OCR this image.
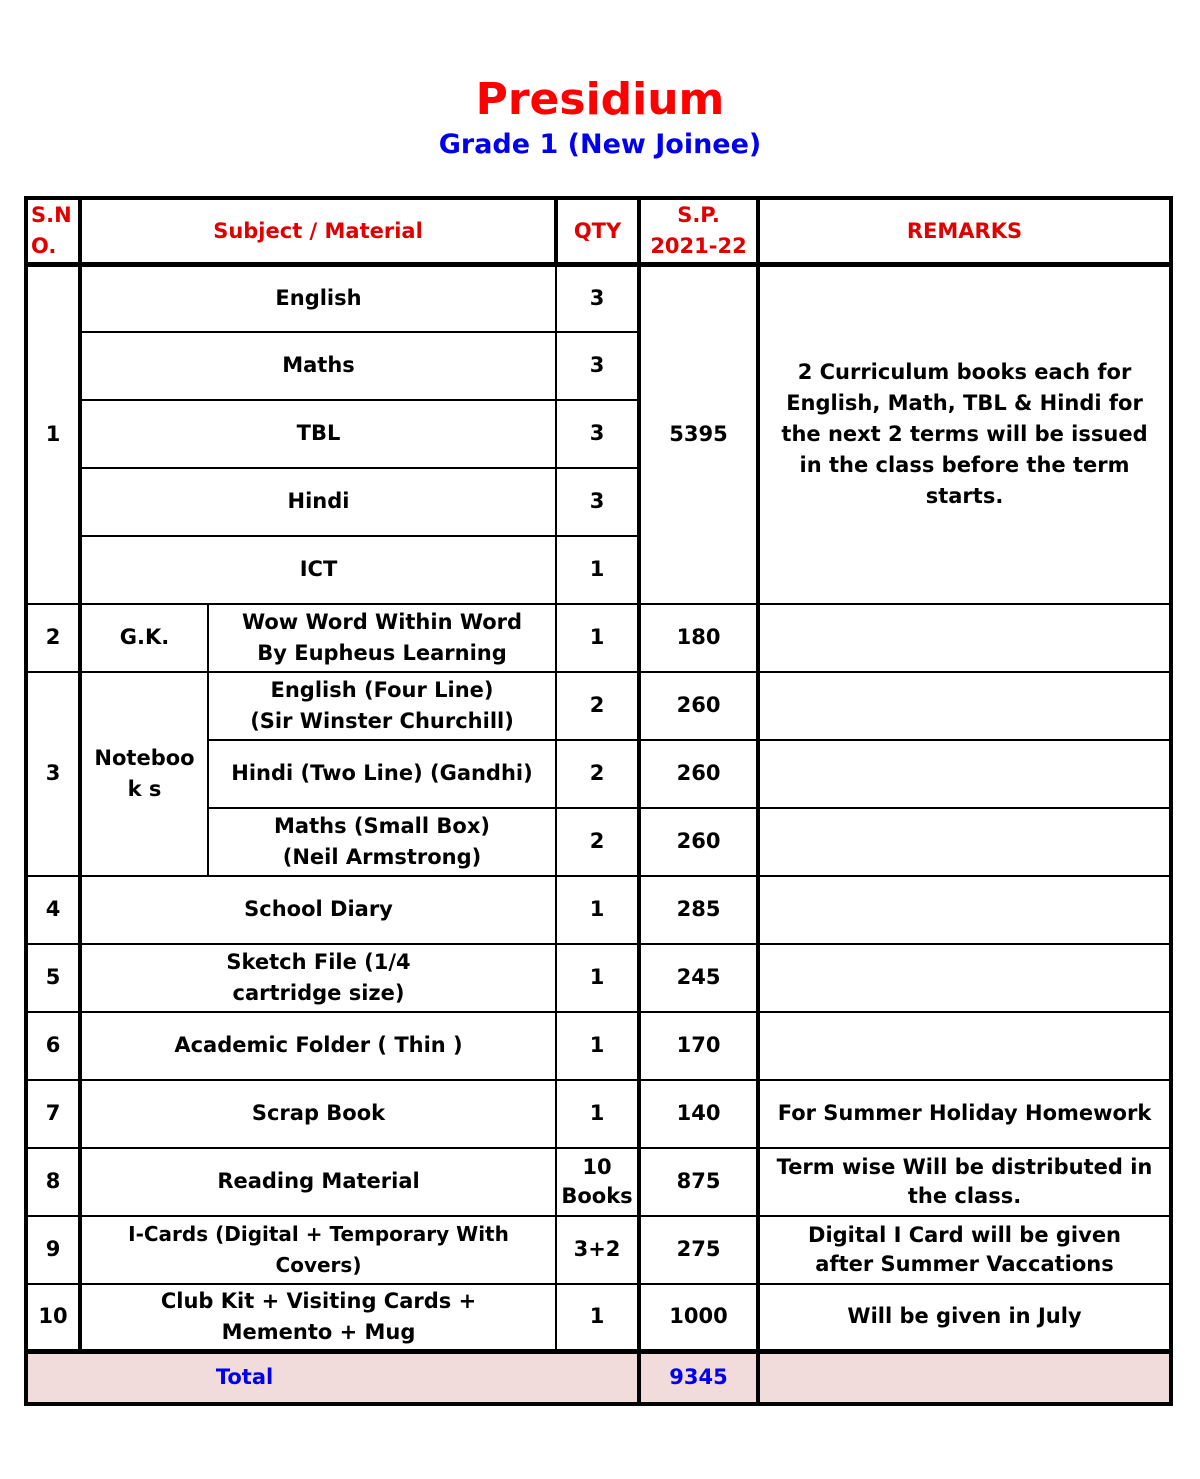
Presidium
Grade 1 (New Joinee)
S.N O.	Subject / Material		QTY	S.P. 2021-22	REMARKS
1	English		3	5395	2 Curriculum books each for English, Math, TBL & Hindi for the next 2 terms will be issued in the class before the term starts.
	Maths		3		
	TBL		3		
	Hindi		3		
	ICT		1		
2	G.K.	Wow Word Within Word By Eupheus Learning	1	180	
3	Notebook s	English (Four Line) (Sir Winster Churchill)	2	260	
		Hindi (Two Line) (Gandhi)	2	260	
		Maths (Small Box) (Neil Armstrong)	2	260	
4	School Diary		1	285	
5	Sketch File (1/4 cartridge size)		1	245	
6	Academic Folder ( Thin )		1	170	
7	Scrap Book		1	140	For Summer Holiday Homework
8	Reading Material		10 Books	875	Term wise Will be distributed in the class.
9	I-Cards (Digital + Temporary With Covers)		3+2	275	Digital I Card will be given after Summer Vaccations
10	Club Kit + Visiting Cards + Memento + Mug		1	1000	Will be given in July
Total				9345	
